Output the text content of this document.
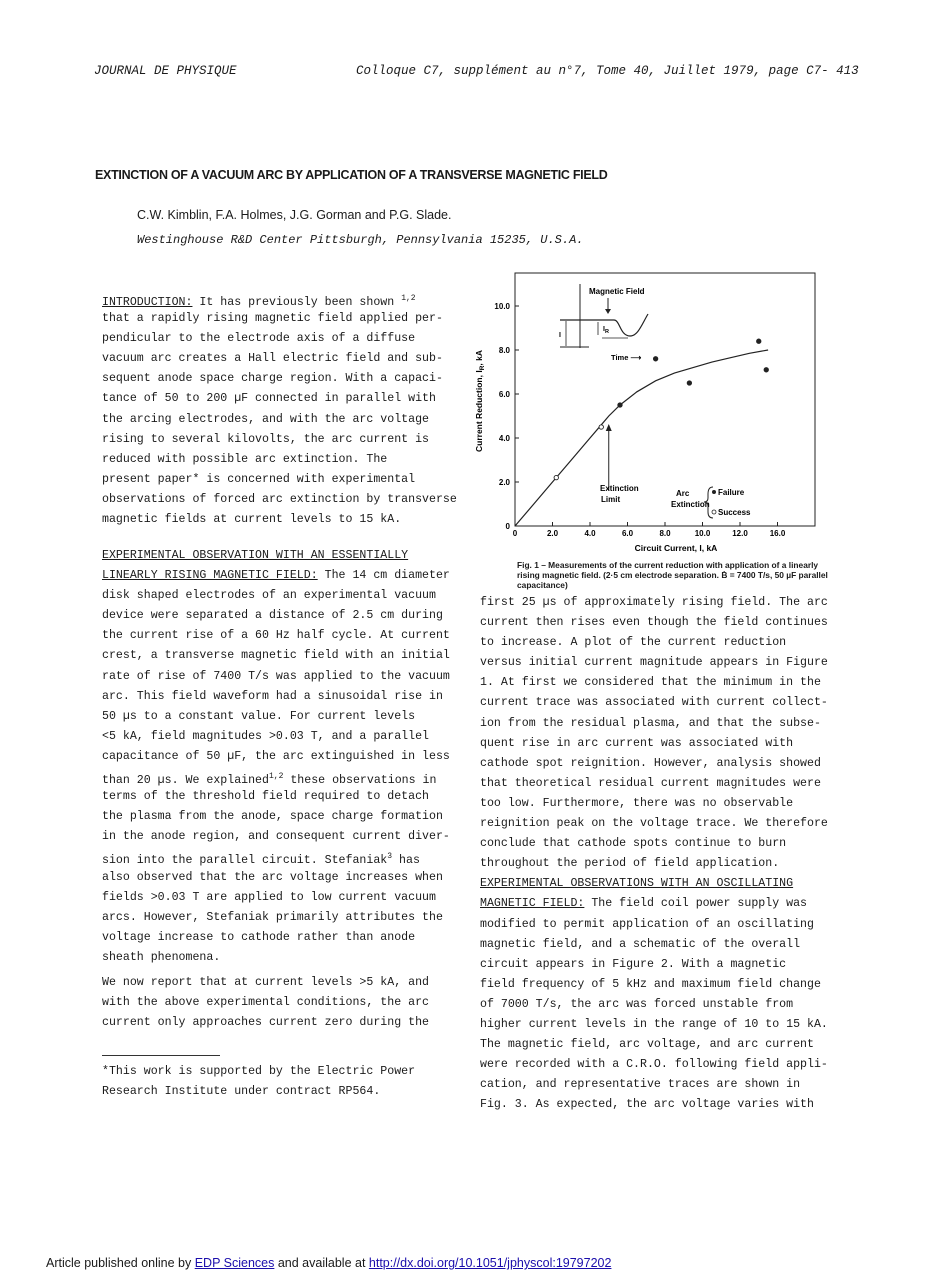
JOURNAL DE PHYSIQUE	Colloque C7, supplément au n°7, Tome 40, Juillet 1979, page C7- 413
EXTINCTION OF A VACUUM ARC BY APPLICATION OF A TRANSVERSE MAGNETIC FIELD
C.W. Kimblin, F.A. Holmes, J.G. Gorman and P.G. Slade.
Westinghouse R&D Center Pittsburgh, Pennsylvania 15235, U.S.A.
INTRODUCTION: It has previously been shown $^{1,2}$
that a rapidly rising magnetic field applied per-
pendicular to the electrode axis of a diffuse
vacuum arc creates a Hall electric field and sub-
sequent anode space charge region. With a capaci-
tance of 50 to 200 µF connected in parallel with
the arcing electrodes, and with the arc voltage
rising to several kilovolts, the arc current is
reduced with possible arc extinction. The
present paper* is concerned with experimental
observations of forced arc extinction by transverse
magnetic fields at current levels to 15 kA.
EXPERIMENTAL OBSERVATION WITH AN ESSENTIALLY
LINEARLY RISING MAGNETIC FIELD: The 14 cm diameter
disk shaped electrodes of an experimental vacuum
device were separated a distance of 2.5 cm during
the current rise of a 60 Hz half cycle. At current
crest, a transverse magnetic field with an initial
rate of rise of 7400 T/s was applied to the vacuum
arc. This field waveform had a sinusoidal rise in
50 µs to a constant value. For current levels
<5 kA, field magnitudes >0.03 T, and a parallel
capacitance of 50 µF, the arc extinguished in less
than 20 µs. We explained$^{1,2}$ these observations in
terms of the threshold field required to detach
the plasma from the anode, space charge formation
in the anode region, and consequent current diver-
sion into the parallel circuit. Stefaniak$^3$ has
also observed that the arc voltage increases when
fields >0.03 T are applied to low current vacuum
arcs. However, Stefaniak primarily attributes the
voltage increase to cathode rather than anode
sheath phenomena.
We now report that at current levels >5 kA, and
with the above experimental conditions, the arc
current only approaches current zero during the
*This work is supported by the Electric Power
Research Institute under contract RP564.
0	2.0	4.0	6.0	8.0	10.0	12.0	16.0
0
2.0
4.0
6.0
8.0
10.0
Current Reduction, $I_R$, kA
Circuit Current, I, kA
Magnetic Field
I
$I_R$
Time ⟶
Extinction
Limit
Arc
Extinction
Failure
Success
Fig. 1 – Measurements of the current reduction with application of a linearly
rising magnetic field. (2·5 cm electrode separation. Ḃ = 7400 T/s, 50 µF parallel
capacitance)
first 25 µs of approximately rising field. The arc
current then rises even though the field continues
to increase. A plot of the current reduction
versus initial current magnitude appears in Figure
1. At first we considered that the minimum in the
current trace was associated with current collect-
ion from the residual plasma, and that the subse-
quent rise in arc current was associated with
cathode spot reignition. However, analysis showed
that theoretical residual current magnitudes were
too low. Furthermore, there was no observable
reignition peak on the voltage trace. We therefore
conclude that cathode spots continue to burn
throughout the period of field application.
EXPERIMENTAL OBSERVATIONS WITH AN OSCILLATING
MAGNETIC FIELD: The field coil power supply was
modified to permit application of an oscillating
magnetic field, and a schematic of the overall
circuit appears in Figure 2. With a magnetic
field frequency of 5 kHz and maximum field change
of 7000 T/s, the arc was forced unstable from
higher current levels in the range of 10 to 15 kA.
The magnetic field, arc voltage, and arc current
were recorded with a C.R.O. following field appli-
cation, and representative traces are shown in
Fig. 3. As expected, the arc voltage varies with
Article published online by EDP Sciences and available at http://dx.doi.org/10.1051/jphyscol:19797202
